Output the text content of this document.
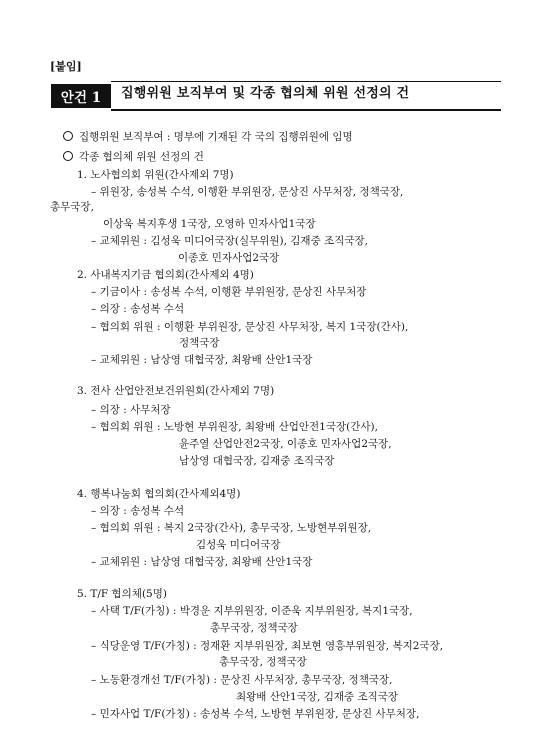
[붙임]
안건 1	집행위원 보직부여 및 각종 협의체 위원 선정의 건
집행위원 보직부여 : 명부에 기재된 각 국의 집행위원에 임명
각종 협의체 위원 선정의 건
1. 노사협의회 위원(간사제외 7명)
– 위원장, 송성복 수석, 이행환 부위원장, 문상진 사무처장, 정책국장,
총무국장,
이상욱 복지후생 1국장, 오영하 민자사업1국장
– 교체위원 : 김성욱 미디어국장(실무위원), 김재중 조직국장,
이종호 민자사업2국장
2. 사내복지기금 협의회(간사제외 4명)
– 기금이사 : 송성복 수석, 이행환 부위원장, 문상진 사무처장
– 의장 : 송성복 수석
– 협의회 위원 : 이행환 부위원장, 문상진 사무처장, 복지 1국장(간사),
정책국장
– 교체위원 : 남상영 대협국장, 최왕배 산안1국장
3. 전사 산업안전보건위원회(간사제외 7명)
– 의장 : 사무처장
– 협의회 위원 : 노방현 부위원장, 최왕배 산업안전1국장(간사),
윤주열 산업안전2국장, 이종호 민자사업2국장,
남상영 대협국장, 김재중 조직국장
4. 행복나눔회 협의회(간사제외4명)
– 의장 : 송성복 수석
– 협의회 위원 : 복지 2국장(간사), 총무국장, 노방현부위원장,
김성욱 미디어국장
– 교체위원 : 남상영 대협국장, 최왕배 산안1국장
5. T/F 협의체(5명)
– 사택 T/F(가칭) : 박경운 지부위원장, 이준욱 지부위원장, 복지1국장,
총무국장, 정책국장
– 식당운영 T/F(가칭) : 정재환 지부위원장, 최보현 영흥부위원장, 복지2국장,
총무국장, 정책국장
– 노동환경개선 T/F(가칭) : 문상진 사무처장, 총무국장, 정책국장,
최왕배 산안1국장, 김재중 조직국장
– 민자사업 T/F(가칭) : 송성복 수석, 노방현 부위원장, 문상진 사무처장,
